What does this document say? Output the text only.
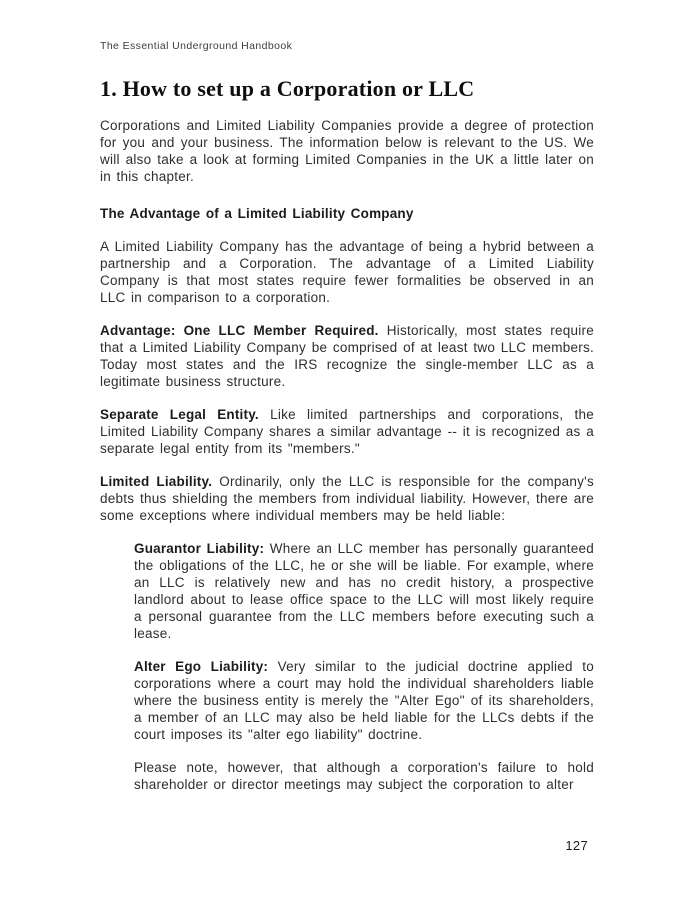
The Essential Underground Handbook
1. How to set up a Corporation or LLC

Corporations and Limited Liability Companies provide a degree of protection for you and your business. The information below is relevant to the US. We will also take a look at forming Limited Companies in the UK a little later on in this chapter.

The Advantage of a Limited Liability Company

A Limited Liability Company has the advantage of being a hybrid between a partnership and a Corporation. The advantage of a Limited Liability Company is that most states require fewer formalities be observed in an LLC in comparison to a corporation.

Advantage: One LLC Member Required. Historically, most states require that a Limited Liability Company be comprised of at least two LLC members. Today most states and the IRS recognize the single-member LLC as a legitimate business structure.

Separate Legal Entity. Like limited partnerships and corporations, the Limited Liability Company shares a similar advantage -- it is recognized as a separate legal entity from its "members."

Limited Liability. Ordinarily, only the LLC is responsible for the company's debts thus shielding the members from individual liability. However, there are some exceptions where individual members may be held liable:

Guarantor Liability: Where an LLC member has personally guaranteed the obligations of the LLC, he or she will be liable. For example, where an LLC is relatively new and has no credit history, a prospective landlord about to lease office space to the LLC will most likely require a personal guarantee from the LLC members before executing such a lease.

Alter Ego Liability: Very similar to the judicial doctrine applied to corporations where a court may hold the individual shareholders liable where the business entity is merely the "Alter Ego" of its shareholders, a member of an LLC may also be held liable for the LLCs debts if the court imposes its "alter ego liability" doctrine.

Please note, however, that although a corporation's failure to hold shareholder or director meetings may subject the corporation to alter

127
